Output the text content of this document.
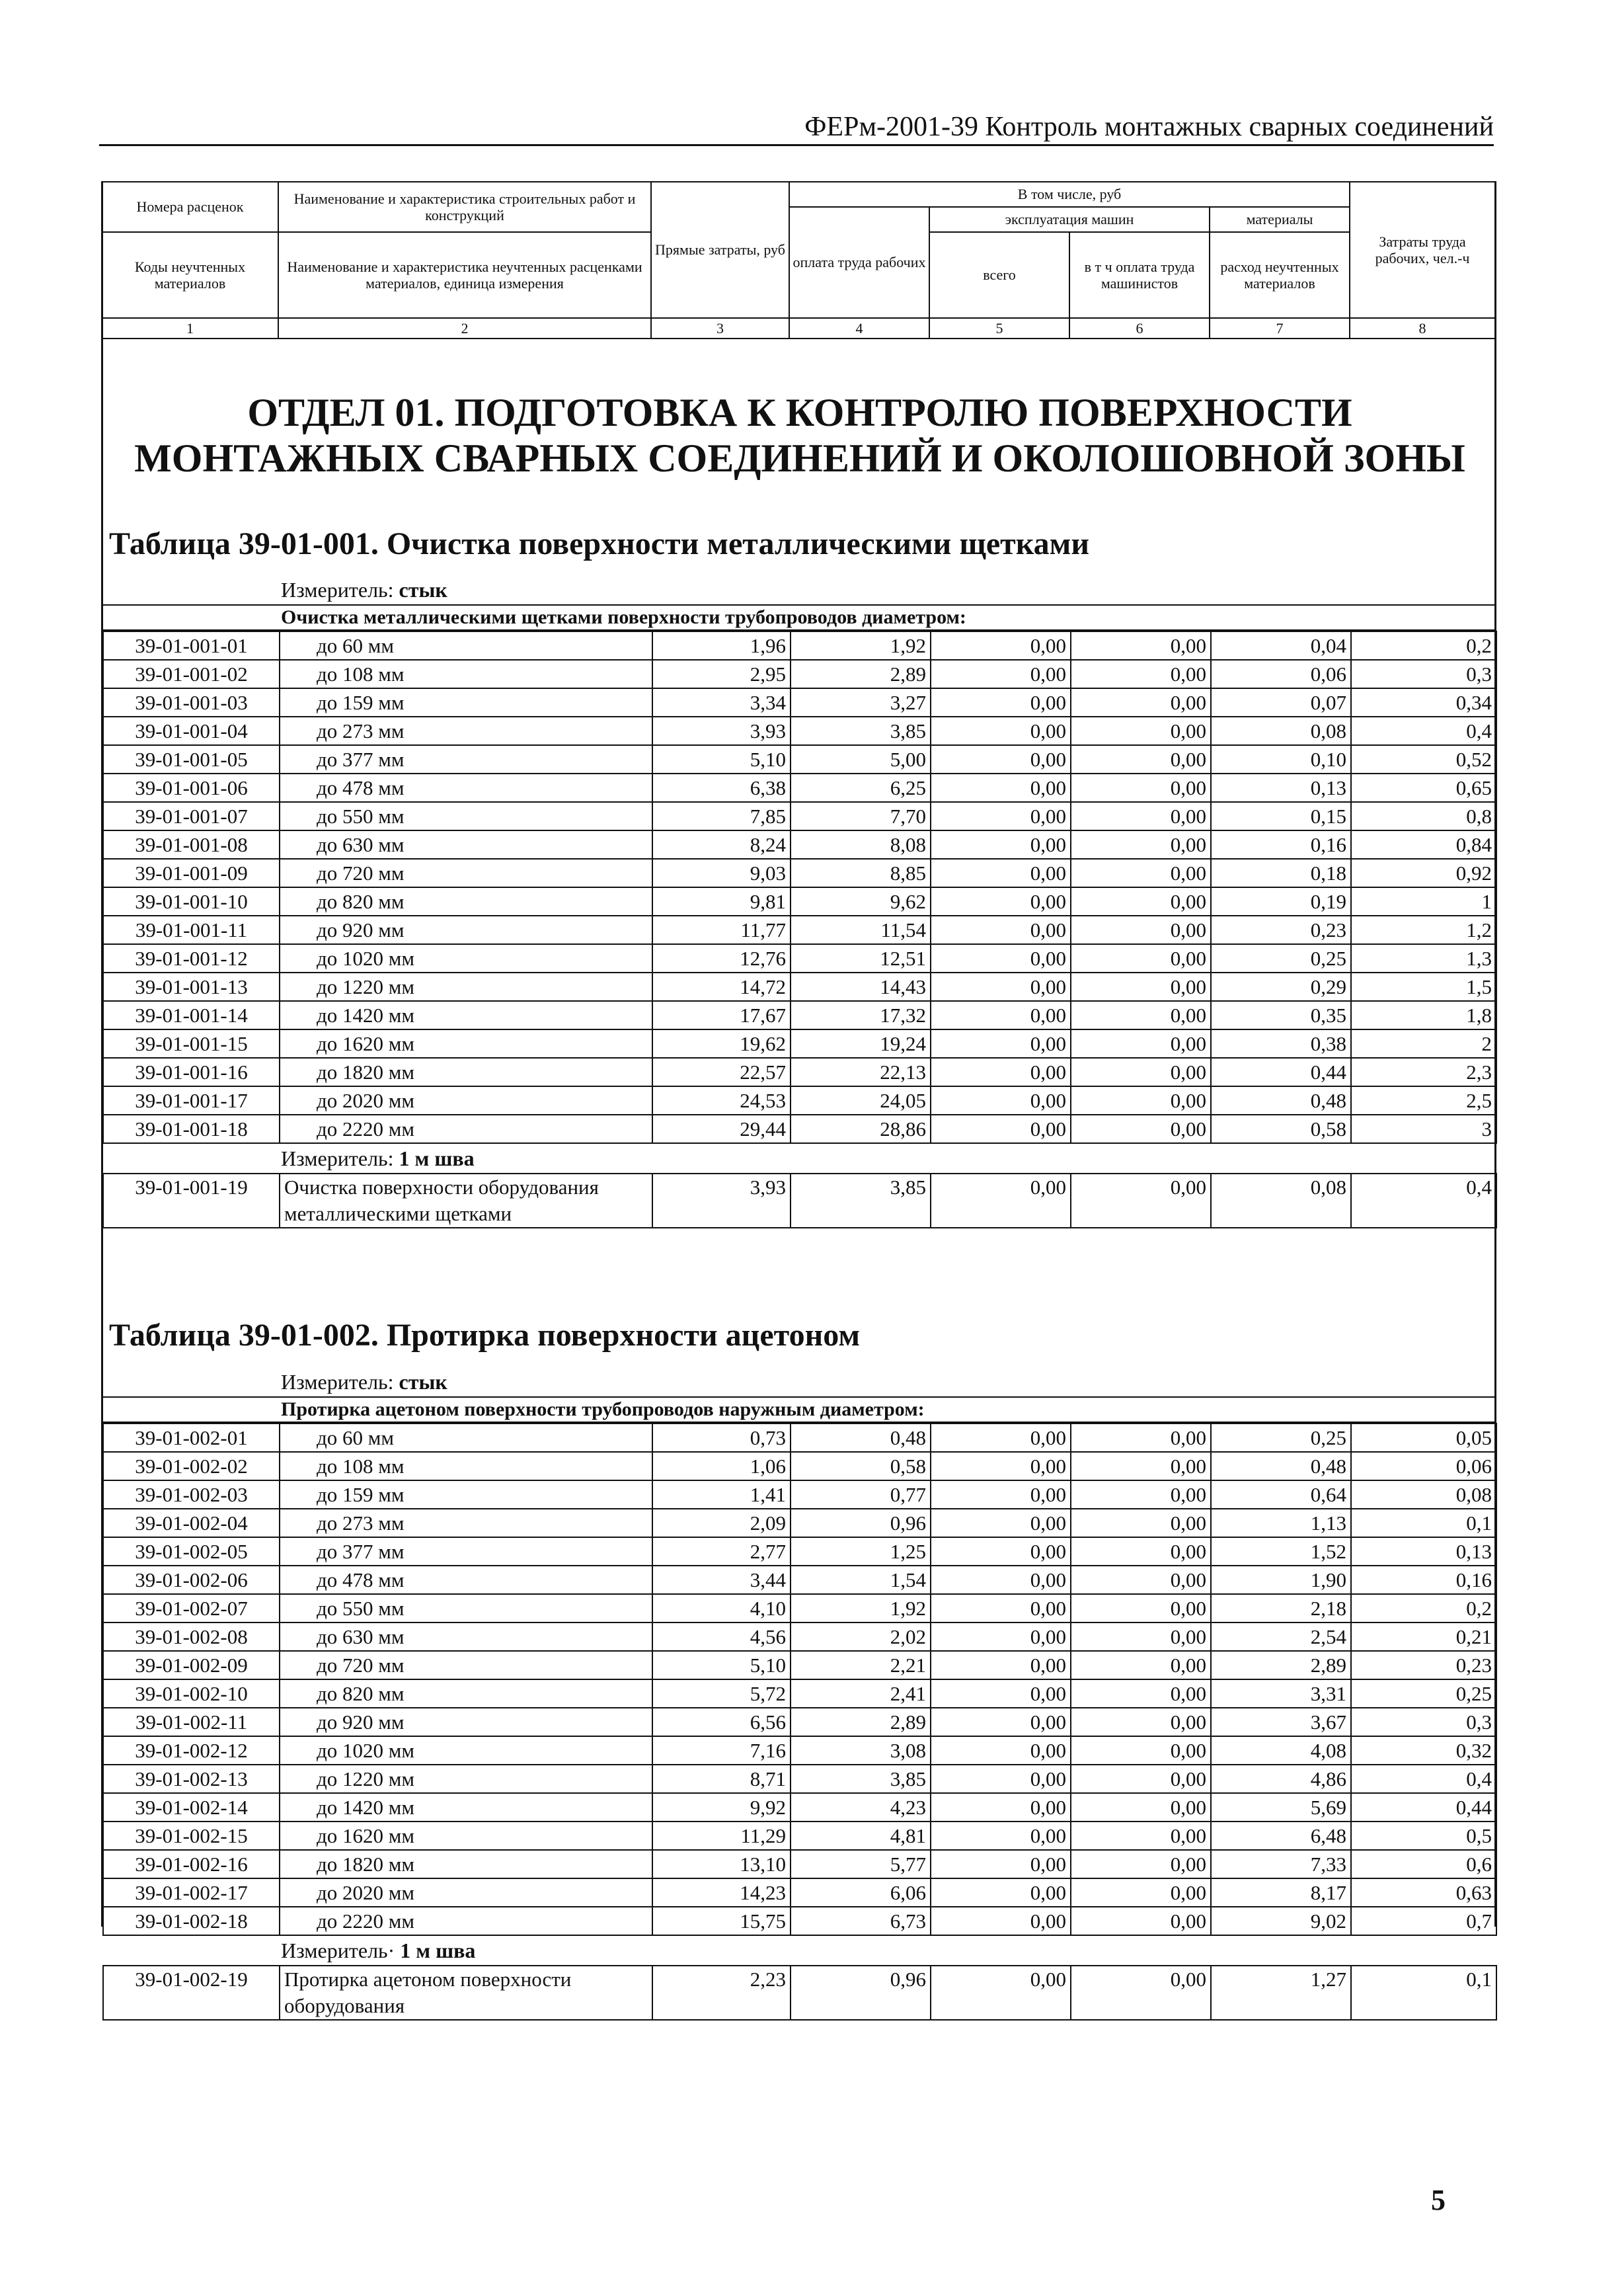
ФЕРм-2001-39 Контроль монтажных сварных соединений
Номера расценок	Наименование и характеристика строительных работ и конструкций	Прямые затраты, руб	В том числе, руб				Затраты труда рабочих, чел.-ч
			оплата труда рабочих	эксплуатация машин		материалы	
Коды неучтенных материалов	Наименование и характеристика неучтенных расценками материалов, единица измерения			всего	в т ч оплата труда машинистов	расход неучтенных материалов	

1	2	3	4	5	6	7	8
ОТДЕЛ 01. ПОДГОТОВКА К КОНТРОЛЮ ПОВЕРХНОСТИ МОНТАЖНЫХ СВАРНЫХ СОЕДИНЕНИЙ И ОКОЛОШОВНОЙ ЗОНЫ
Таблица 39-01-001. Очистка поверхности металлическими щетками
Измеритель: стык
Очистка металлическими щетками поверхности трубопроводов диаметром:
39-01-001-01	до 60 мм	1,96	1,92	0,00	0,00	0,04	0,2
39-01-001-02	до 108 мм	2,95	2,89	0,00	0,00	0,06	0,3
39-01-001-03	до 159 мм	3,34	3,27	0,00	0,00	0,07	0,34
39-01-001-04	до 273 мм	3,93	3,85	0,00	0,00	0,08	0,4
39-01-001-05	до 377 мм	5,10	5,00	0,00	0,00	0,10	0,52
39-01-001-06	до 478 мм	6,38	6,25	0,00	0,00	0,13	0,65
39-01-001-07	до 550 мм	7,85	7,70	0,00	0,00	0,15	0,8
39-01-001-08	до 630 мм	8,24	8,08	0,00	0,00	0,16	0,84
39-01-001-09	до 720 мм	9,03	8,85	0,00	0,00	0,18	0,92
39-01-001-10	до 820 мм	9,81	9,62	0,00	0,00	0,19	1
39-01-001-11	до 920 мм	11,77	11,54	0,00	0,00	0,23	1,2
39-01-001-12	до 1020 мм	12,76	12,51	0,00	0,00	0,25	1,3
39-01-001-13	до 1220 мм	14,72	14,43	0,00	0,00	0,29	1,5
39-01-001-14	до 1420 мм	17,67	17,32	0,00	0,00	0,35	1,8
39-01-001-15	до 1620 мм	19,62	19,24	0,00	0,00	0,38	2
39-01-001-16	до 1820 мм	22,57	22,13	0,00	0,00	0,44	2,3
39-01-001-17	до 2020 мм	24,53	24,05	0,00	0,00	0,48	2,5
39-01-001-18	до 2220 мм	29,44	28,86	0,00	0,00	0,58	3
Измеритель: 1 м шва
39-01-001-19	Очистка поверхности оборудования металлическими щетками	3,93	3,85	0,00	0,00	0,08	0,4
Таблица 39-01-002. Протирка поверхности ацетоном
Измеритель: стык
Протирка ацетоном поверхности трубопроводов наружным диаметром:
39-01-002-01	до 60 мм	0,73	0,48	0,00	0,00	0,25	0,05
39-01-002-02	до 108 мм	1,06	0,58	0,00	0,00	0,48	0,06
39-01-002-03	до 159 мм	1,41	0,77	0,00	0,00	0,64	0,08
39-01-002-04	до 273 мм	2,09	0,96	0,00	0,00	1,13	0,1
39-01-002-05	до 377 мм	2,77	1,25	0,00	0,00	1,52	0,13
39-01-002-06	до 478 мм	3,44	1,54	0,00	0,00	1,90	0,16
39-01-002-07	до 550 мм	4,10	1,92	0,00	0,00	2,18	0,2
39-01-002-08	до 630 мм	4,56	2,02	0,00	0,00	2,54	0,21
39-01-002-09	до 720 мм	5,10	2,21	0,00	0,00	2,89	0,23
39-01-002-10	до 820 мм	5,72	2,41	0,00	0,00	3,31	0,25
39-01-002-11	до 920 мм	6,56	2,89	0,00	0,00	3,67	0,3
39-01-002-12	до 1020 мм	7,16	3,08	0,00	0,00	4,08	0,32
39-01-002-13	до 1220 мм	8,71	3,85	0,00	0,00	4,86	0,4
39-01-002-14	до 1420 мм	9,92	4,23	0,00	0,00	5,69	0,44
39-01-002-15	до 1620 мм	11,29	4,81	0,00	0,00	6,48	0,5
39-01-002-16	до 1820 мм	13,10	5,77	0,00	0,00	7,33	0,6
39-01-002-17	до 2020 мм	14,23	6,06	0,00	0,00	8,17	0,63
39-01-002-18	до 2220 мм	15,75	6,73	0,00	0,00	9,02	0,7
Измеритель· 1 м шва
39-01-002-19	Протирка ацетоном поверхности оборудования	2,23	0,96	0,00	0,00	1,27	0,1
5
